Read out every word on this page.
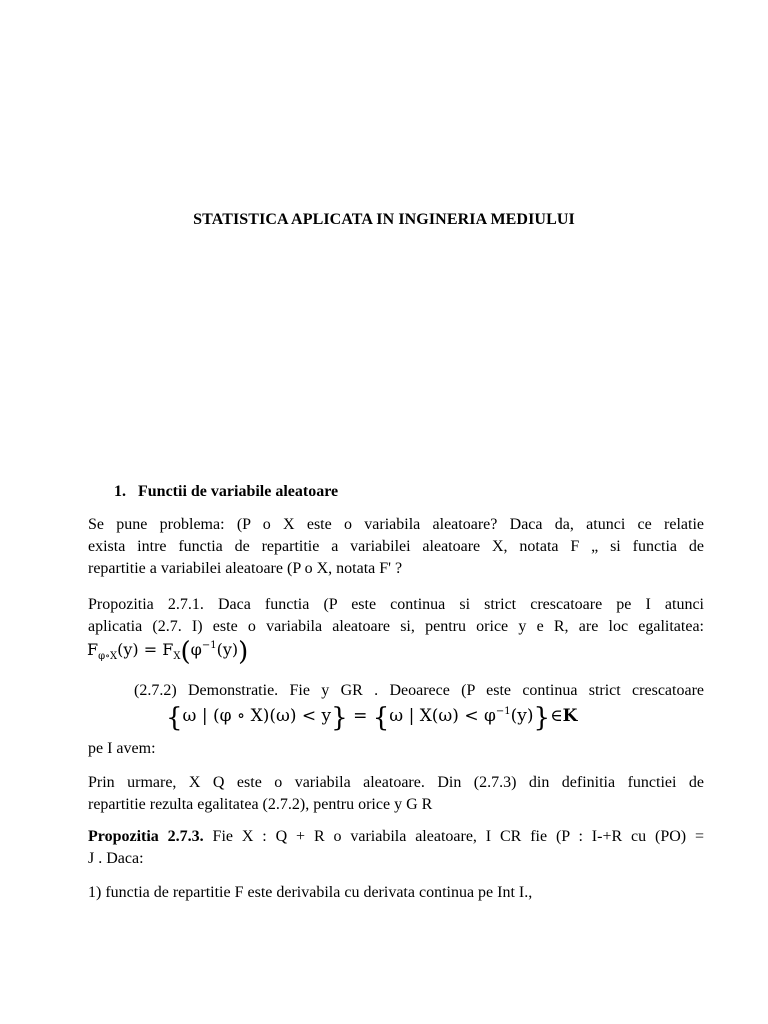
STATISTICA APLICATA IN INGINERIA MEDIULUI
1. Functii de variabile aleatoare
Se pune problema: (P o X este o variabila aleatoare? Daca da, atunci ce relatie
exista intre functia de repartitie a variabilei aleatoare X, notata F „ si functia de
repartitie a variabilei aleatoare (P o X, notata F' ?
Propozitia 2.7.1. Daca functia (P este continua si strict crescatoare pe I atunci
aplicatia (2.7. I) este o variabila aleatoare si, pentru orice y e R, are loc egalitatea:
$F_{\varphi\circ X}(y) = F_X(\varphi^{-1}(y))$
(2.7.2) Demonstratie. Fie y GR . Deoarece (P este continua strict crescatoare
{ω | (φ ∘ X)(ω) < y} = {ω | $X(\omega) < \varphi^{-1}(y)\}\in K$
pe I avem:
Prin urmare, X Q este o variabila aleatoare. Din (2.7.3) din definitia functiei de
repartitie rezulta egalitatea (2.7.2), pentru orice y G R
Propozitia 2.7.3. Fie X : Q + R o variabila aleatoare, I CR fie (P : I-+R cu (PO) =
J . Daca:
1) functia de repartitie F este derivabila cu derivata continua pe Int I.,
